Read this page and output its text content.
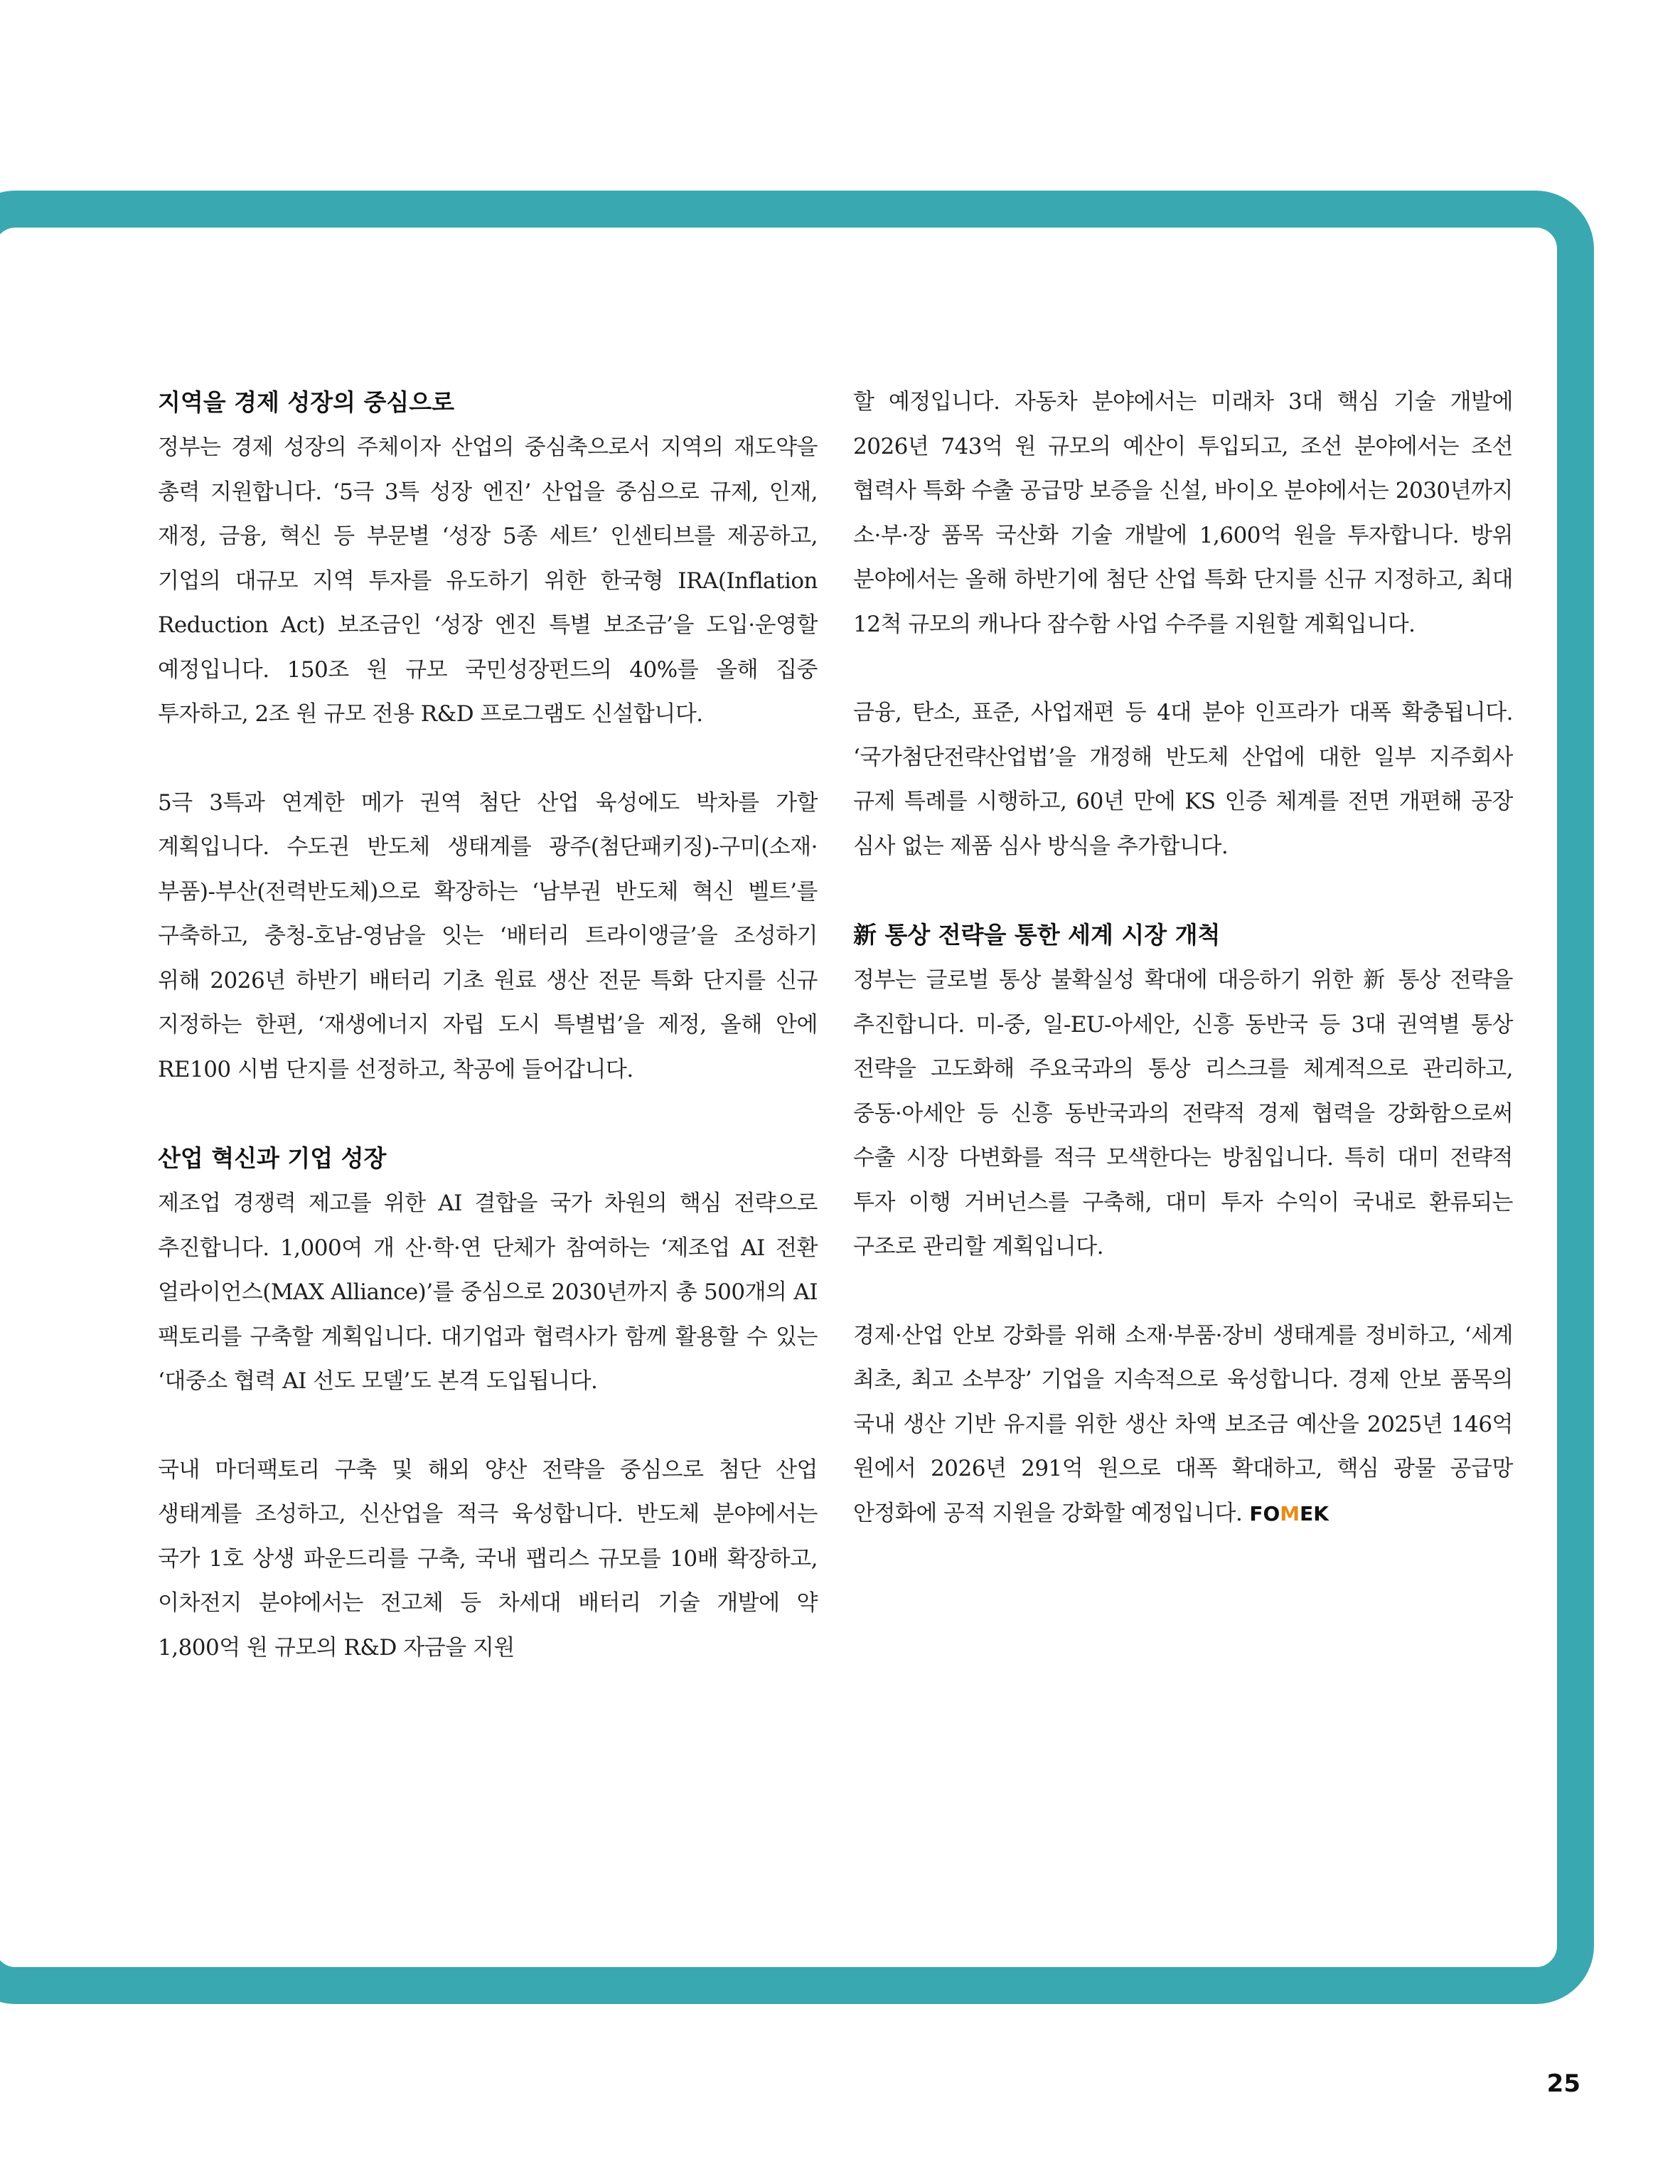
지역을 경제 성장의 중심으로

정부는 경제 성장의 주체이자 산업의 중심축으로서 지역의 재도약을 총력 지원합니다. ‘5극 3특 성장 엔진’ 산업을 중심으로 규제, 인재, 재정, 금융, 혁신 등 부문별 ‘성장 5종 세트’ 인센티브를 제공하고, 기업의 대규모 지역 투자를 유도하기 위한 한국형 IRA(Inflation Reduction Act) 보조금인 ‘성장 엔진 특별 보조금’을 도입·운영할 예정입니다. 150조 원 규모 국민성장펀드의 40%를 올해 집중 투자하고, 2조 원 규모 전용 R&D 프로그램도 신설합니다.

5극 3특과 연계한 메가 권역 첨단 산업 육성에도 박차를 가할 계획입니다. 수도권 반도체 생태계를 광주(첨단패키징)-구미(소재·부품)-부산(전력반도체)으로 확장하는 ‘남부권 반도체 혁신 벨트’를 구축하고, 충청-호남-영남을 잇는 ‘배터리 트라이앵글’을 조성하기 위해 2026년 하반기 배터리 기초 원료 생산 전문 특화 단지를 신규 지정하는 한편, ‘재생에너지 자립 도시 특별법’을 제정, 올해 안에 RE100 시범 단지를 선정하고, 착공에 들어갑니다.

산업 혁신과 기업 성장

제조업 경쟁력 제고를 위한 AI 결합을 국가 차원의 핵심 전략으로 추진합니다. 1,000여 개 산·학·연 단체가 참여하는 ‘제조업 AI 전환 얼라이언스(MAX Alliance)’를 중심으로 2030년까지 총 500개의 AI 팩토리를 구축할 계획입니다. 대기업과 협력사가 함께 활용할 수 있는 ‘대중소 협력 AI 선도 모델’도 본격 도입됩니다.

국내 마더팩토리 구축 및 해외 양산 전략을 중심으로 첨단 산업 생태계를 조성하고, 신산업을 적극 육성합니다. 반도체 분야에서는 국가 1호 상생 파운드리를 구축, 국내 팹리스 규모를 10배 확장하고, 이차전지 분야에서는 전고체 등 차세대 배터리 기술 개발에 약 1,800억 원 규모의 R&D 자금을 지원

할 예정입니다. 자동차 분야에서는 미래차 3대 핵심 기술 개발에 2026년 743억 원 규모의 예산이 투입되고, 조선 분야에서는 조선 협력사 특화 수출 공급망 보증을 신설, 바이오 분야에서는 2030년까지 소·부·장 품목 국산화 기술 개발에 1,600억 원을 투자합니다. 방위 분야에서는 올해 하반기에 첨단 산업 특화 단지를 신규 지정하고, 최대 12척 규모의 캐나다 잠수함 사업 수주를 지원할 계획입니다.

금융, 탄소, 표준, 사업재편 등 4대 분야 인프라가 대폭 확충됩니다. ‘국가첨단전략산업법’을 개정해 반도체 산업에 대한 일부 지주회사 규제 특례를 시행하고, 60년 만에 KS 인증 체계를 전면 개편해 공장 심사 없는 제품 심사 방식을 추가합니다.

新 통상 전략을 통한 세계 시장 개척

정부는 글로벌 통상 불확실성 확대에 대응하기 위한 新 통상 전략을 추진합니다. 미-중, 일-EU-아세안, 신흥 동반국 등 3대 권역별 통상 전략을 고도화해 주요국과의 통상 리스크를 체계적으로 관리하고, 중동·아세안 등 신흥 동반국과의 전략적 경제 협력을 강화함으로써 수출 시장 다변화를 적극 모색한다는 방침입니다. 특히 대미 전략적 투자 이행 거버넌스를 구축해, 대미 투자 수익이 국내로 환류되는 구조로 관리할 계획입니다.

경제·산업 안보 강화를 위해 소재·부품·장비 생태계를 정비하고, ‘세계 최초, 최고 소부장’ 기업을 지속적으로 육성합니다. 경제 안보 품목의 국내 생산 기반 유지를 위한 생산 차액 보조금 예산을 2025년 146억 원에서 2026년 291억 원으로 대폭 확대하고, 핵심 광물 공급망 안정화에 공적 지원을 강화할 예정입니다. FOMEK

25
